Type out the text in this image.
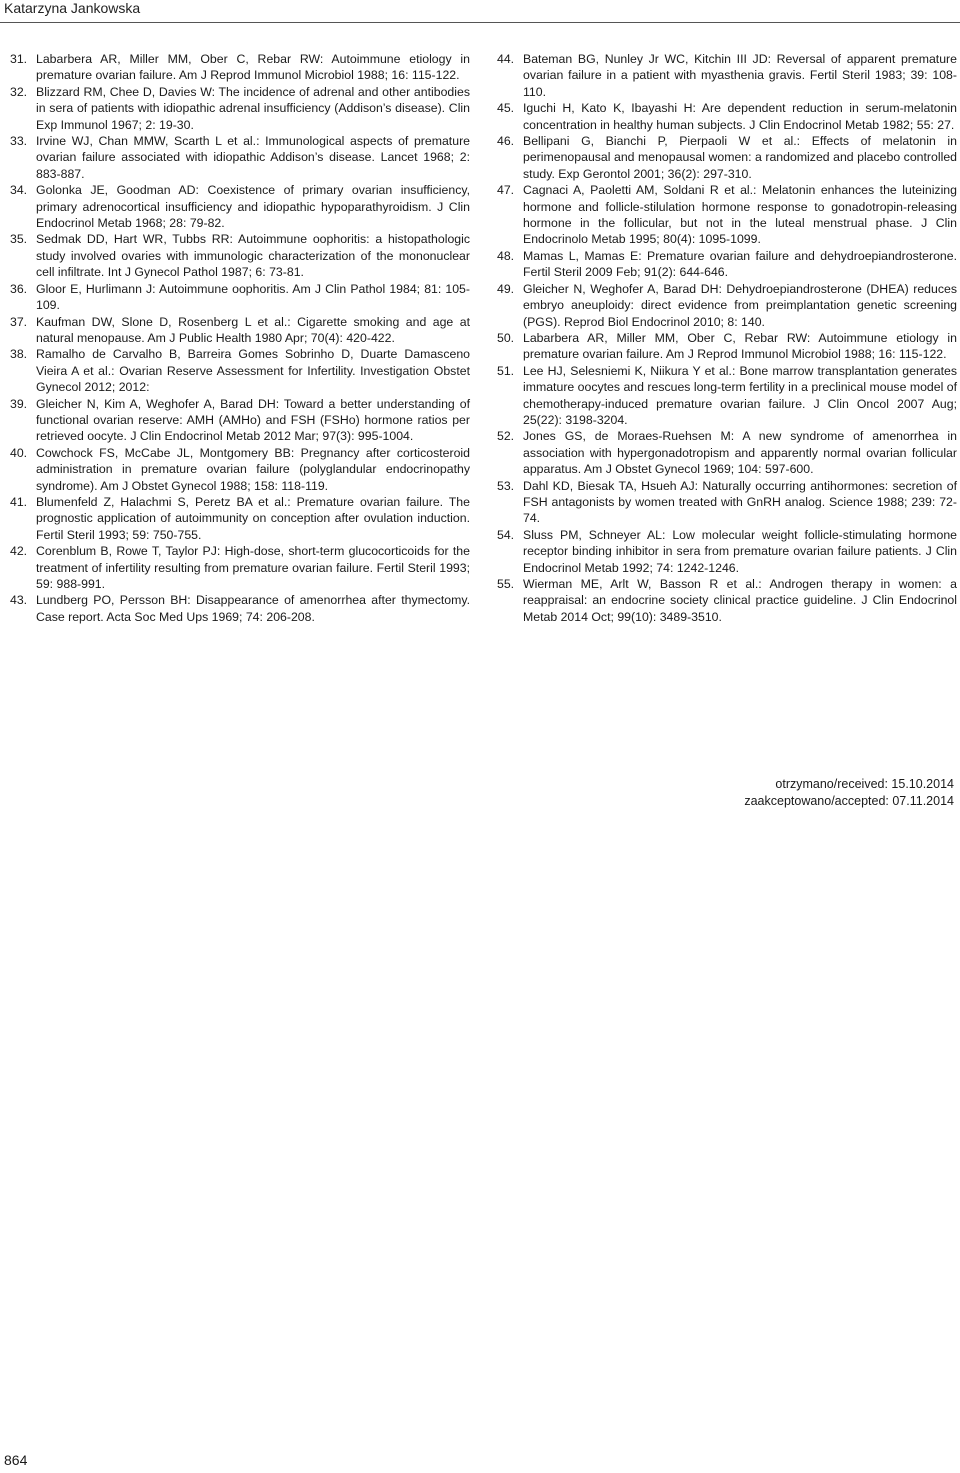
Katarzyna Jankowska
31. Labarbera AR, Miller MM, Ober C, Rebar RW: Autoimmune etiology in premature ovarian failure. Am J Reprod Immunol Microbiol 1988; 16: 115-122.
32. Blizzard RM, Chee D, Davies W: The incidence of adrenal and other antibodies in sera of patients with idiopathic adrenal insufficiency (Addison’s disease). Clin Exp Immunol 1967; 2: 19-30.
33. Irvine WJ, Chan MMW, Scarth L et al.: Immunological aspects of premature ovarian failure associated with idiopathic Addison’s disease. Lancet 1968; 2: 883-887.
34. Golonka JE, Goodman AD: Coexistence of primary ovarian insufficiency, primary adrenocortical insufficiency and idiopathic hypoparathyroidism. J Clin Endocrinol Metab 1968; 28: 79-82.
35. Sedmak DD, Hart WR, Tubbs RR: Autoimmune oophoritis: a histopathologic study involved ovaries with immunologic characterization of the mononuclear cell infiltrate. Int J Gynecol Pathol 1987; 6: 73-81.
36. Gloor E, Hurlimann J: Autoimmune oophoritis. Am J Clin Pathol 1984; 81: 105-109.
37. Kaufman DW, Slone D, Rosenberg L et al.: Cigarette smoking and age at natural menopause. Am J Public Health 1980 Apr; 70(4): 420-422.
38. Ramalho de Carvalho B, Barreira Gomes Sobrinho D, Duarte Damasceno Vieira A et al.: Ovarian Reserve Assessment for Infertility. Investigation Obstet Gynecol 2012; 2012:
39. Gleicher N, Kim A, Weghofer A, Barad DH: Toward a better understanding of functional ovarian reserve: AMH (AMHo) and FSH (FSHo) hormone ratios per retrieved oocyte. J Clin Endocrinol Metab 2012 Mar; 97(3): 995-1004.
40. Cowchock FS, McCabe JL, Montgomery BB: Pregnancy after corticosteroid administration in premature ovarian failure (polyglandular endocrinopathy syndrome). Am J Obstet Gynecol 1988; 158: 118-119.
41. Blumenfeld Z, Halachmi S, Peretz BA et al.: Premature ovarian failure. The prognostic application of autoimmunity on conception after ovulation induction. Fertil Steril 1993; 59: 750-755.
42. Corenblum B, Rowe T, Taylor PJ: High-dose, short-term glucocorticoids for the treatment of infertility resulting from premature ovarian failure. Fertil Steril 1993; 59: 988-991.
43. Lundberg PO, Persson BH: Disappearance of amenorrhea after thymectomy. Case report. Acta Soc Med Ups 1969; 74: 206-208.
44. Bateman BG, Nunley Jr WC, Kitchin III JD: Reversal of apparent premature ovarian failure in a patient with myasthenia gravis. Fertil Steril 1983; 39: 108-110.
45. Iguchi H, Kato K, Ibayashi H: Are dependent reduction in serum-melatonin concentration in healthy human subjects. J Clin Endocrinol Metab 1982; 55: 27.
46. Bellipani G, Bianchi P, Pierpaoli W et al.: Effects of melatonin in perimenopausal and menopausal women: a randomized and placebo controlled study. Exp Gerontol 2001; 36(2): 297-310.
47. Cagnaci A, Paoletti AM, Soldani R et al.: Melatonin enhances the luteinizing hormone and follicle-stilulation hormone response to gonadotropin-releasing hormone in the follicular, but not in the luteal menstrual phase. J Clin Endocrinolo Metab 1995; 80(4): 1095-1099.
48. Mamas L, Mamas E: Premature ovarian failure and dehydroepiandrosterone. Fertil Steril 2009 Feb; 91(2): 644-646.
49. Gleicher N, Weghofer A, Barad DH: Dehydroepiandrosterone (DHEA) reduces embryo aneuploidy: direct evidence from preimplantation genetic screening (PGS). Reprod Biol Endocrinol 2010; 8: 140.
50. Labarbera AR, Miller MM, Ober C, Rebar RW: Autoimmune etiology in premature ovarian failure. Am J Reprod Immunol Microbiol 1988; 16: 115-122.
51. Lee HJ, Selesniemi K, Niikura Y et al.: Bone marrow transplantation generates immature oocytes and rescues long-term fertility in a preclinical mouse model of chemotherapy-induced premature ovarian failure. J Clin Oncol 2007 Aug; 25(22): 3198-3204.
52. Jones GS, de Moraes-Ruehsen M: A new syndrome of amenorrhea in association with hypergonadotropism and apparently normal ovarian follicular apparatus. Am J Obstet Gynecol 1969; 104: 597-600.
53. Dahl KD, Biesak TA, Hsueh AJ: Naturally occurring antihormones: secretion of FSH antagonists by women treated with GnRH analog. Science 1988; 239: 72-74.
54. Sluss PM, Schneyer AL: Low molecular weight follicle-stimulating hormone receptor binding inhibitor in sera from premature ovarian failure patients. J Clin Endocrinol Metab 1992; 74: 1242-1246.
55. Wierman ME, Arlt W, Basson R et al.: Androgen therapy in women: a reappraisal: an endocrine society clinical practice guideline. J Clin Endocrinol Metab 2014 Oct; 99(10): 3489-3510.
otrzymano/received: 15.10.2014
zaakceptowano/accepted: 07.11.2014
864
